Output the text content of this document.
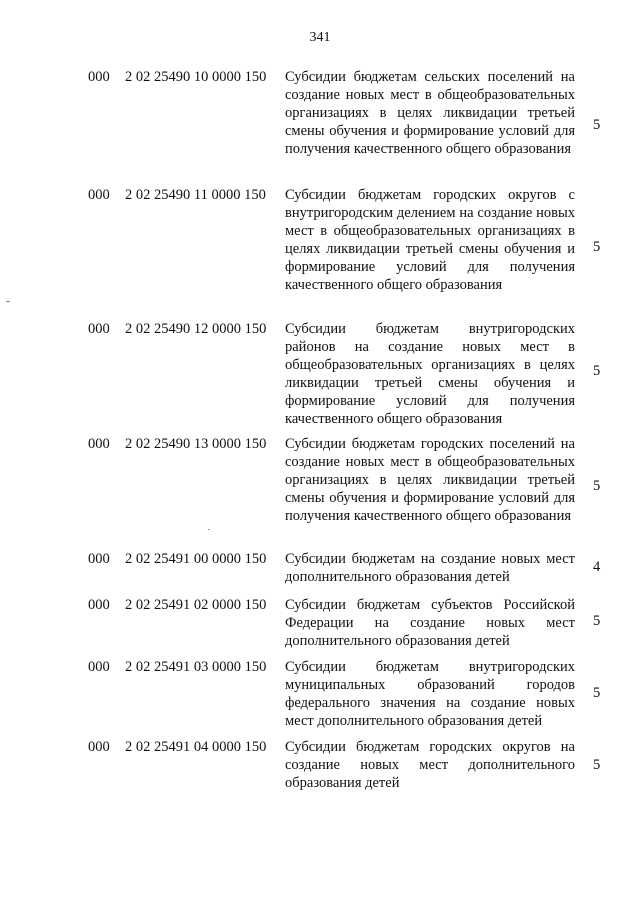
341
000 2 02 25490 10 0000 150 Субсидии бюджетам сельских поселений на создание новых мест в общеобразовательных организациях в целях ликвидации третьей смены обучения и формирование условий для получения качественного общего образования
5
000 2 02 25490 11 0000 150 Субсидии бюджетам городских округов с внутригородским делением на создание новых мест в общеобразовательных организациях в целях ликвидации третьей смены обучения и формирование условий для получения качественного общего образования
5
000 2 02 25490 12 0000 150 Субсидии бюджетам внутригородских районов на создание новых мест в общеобразовательных организациях в целях ликвидации третьей смены обучения и формирование условий для получения качественного общего образования
5
000 2 02 25490 13 0000 150 Субсидии бюджетам городских поселений на создание новых мест в общеобразовательных организациях в целях ликвидации третьей смены обучения и формирование условий для получения качественного общего образования
5
000 2 02 25491 00 0000 150 Субсидии бюджетам на создание новых мест дополнительного образования детей
4
000 2 02 25491 02 0000 150 Субсидии бюджетам субъектов Российской Федерации на создание новых мест дополнительного образования детей
5
000 2 02 25491 03 0000 150 Субсидии бюджетам внутригородских муниципальных образований городов федерального значения на создание новых мест дополнительного образования детей
5
000 2 02 25491 04 0000 150 Субсидии бюджетам городских округов на создание новых мест дополнительного образования детей
5
